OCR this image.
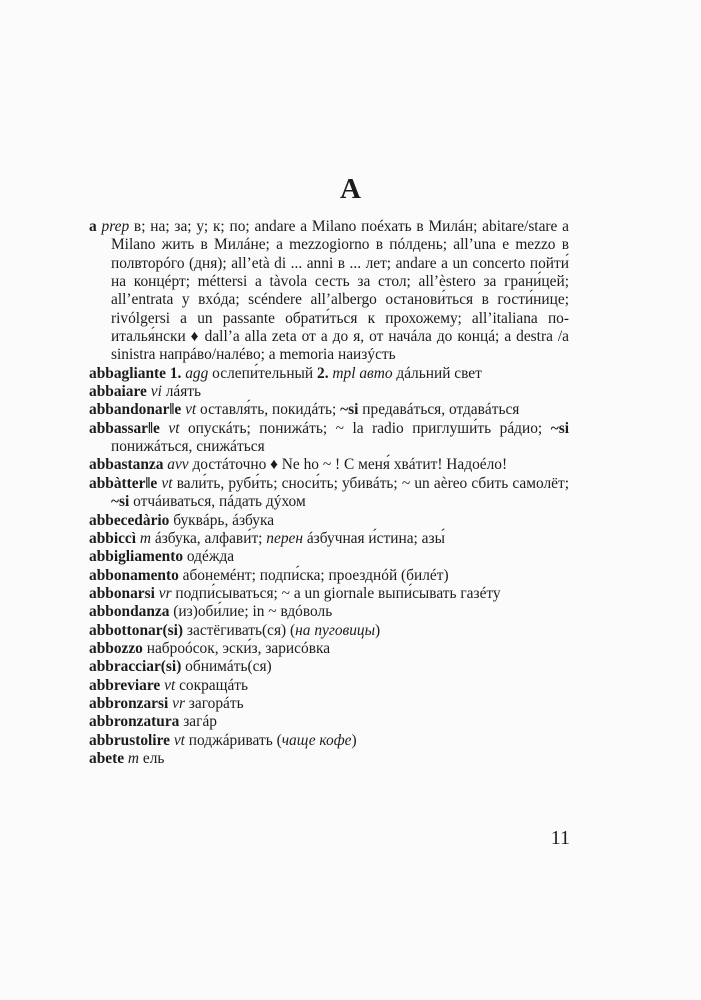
A

a prep в; на; за; у; к; по; andare a Milano поéхать в Милáн; abitare/stare a Milano жить в Милáне; a mezzogiorno в пóлдень; all’una e mezzo в полвторóго (дня); all’età di ... anni в ... лет; andare a un concerto пойти́ на концéрт; méttersi a tàvola сесть за стол; all’èstero за грани́цей; all’entrata у вхóда; scéndere all’albergo останови́ться в гости́нице; rivólgersi a un passante обрати́ться к прохожему; all’italiana по-италья́нски ♦ dall’a alla zeta от а до я, от начáла до концá; a destra /a sinistra напрáво/налéво; a memoria наизýсть

abbagliante 1. agg ослепи́тельный 2. mpl авто дáльний свет

abbaiare vi лáять

abbandonar‖e vt оставля́ть, покидáть; ~si предавáться, отдавáться

abbassar‖e vt опускáть; понижáть; ~ la radio приглуши́ть рáдио; ~si понижáться, снижáться

abbastanza avv достáточно ♦ Ne ho ~ ! С меня́ хвáтит! Надоéло!

abbàtter‖e vt вали́ть, руби́ть; сноси́ть; убивáть; ~ un aèreo сбить самолёт; ~si отчáиваться, пáдать дýхом

abbecedàrio буквáрь, áзбука

abbiccì m áзбука, алфави́т; перен áзбучная и́стина; азы́

abbigliamento одéжда

abbonamento абонемéнт; подпи́ска; проезднóй (билéт)

abbonarsi vr подпи́сываться; ~ a un giornale выпи́сывать газéту

abbondanza (из)оби́лие; in ~ вдóволь

abbottonar(si) застёгивать(ся) (на пуговицы)

abbozzo наброóсок, эски́з, зарисóвка

abbracciar(si) обнимáть(ся)

abbreviare vt сокращáть

abbronzarsi vr загорáть

abbronzatura загáр

abbrustolire vt поджáривать (чаще кофе)

abete m ель

11
